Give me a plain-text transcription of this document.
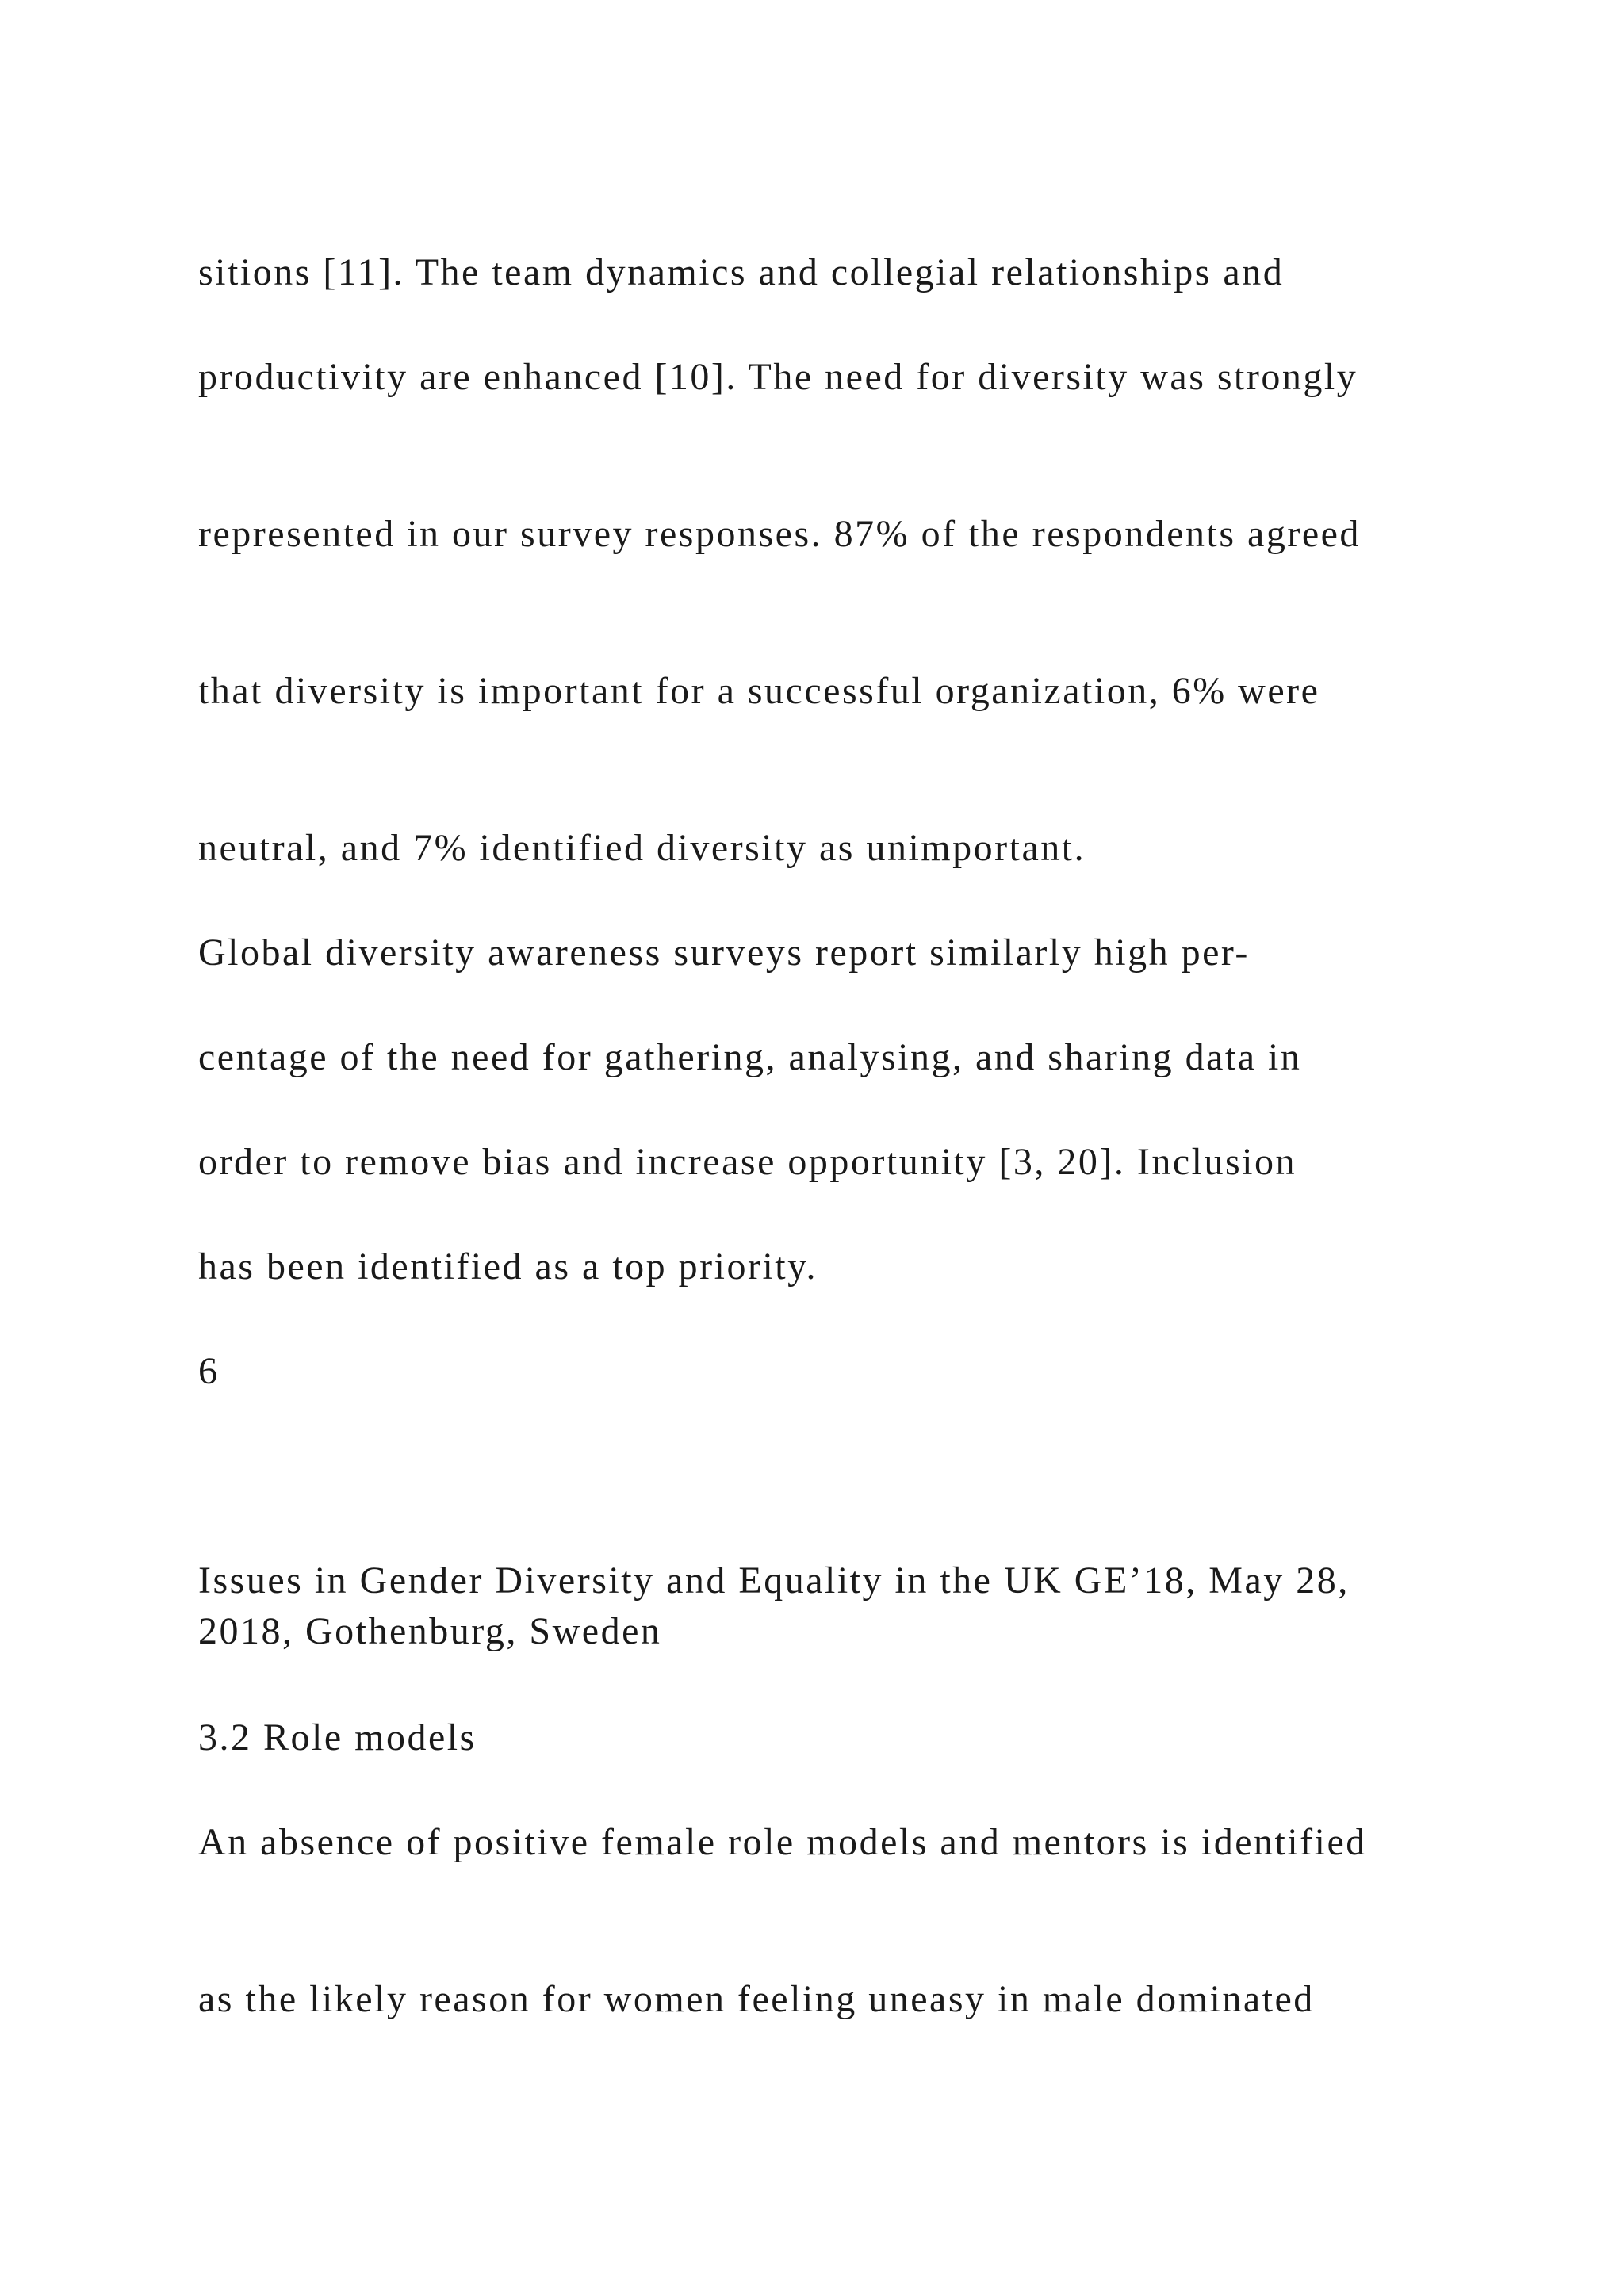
sitions [11]. The team dynamics and collegial relationships and

productivity are enhanced [10]. The need for diversity was strongly

represented in our survey responses. 87% of the respondents agreed

that diversity is important for a successful organization, 6% were

neutral, and 7% identified diversity as unimportant.

Global diversity awareness surveys report similarly high per-

centage of the need for gathering, analysing, and sharing data in

order to remove bias and increase opportunity [3, 20]. Inclusion

has been identified as a top priority.

6

Issues in Gender Diversity and Equality in the UK GE’18, May 28, 2018, Gothenburg, Sweden

3.2 Role models

An absence of positive female role models and mentors is identified

as the likely reason for women feeling uneasy in male dominated
